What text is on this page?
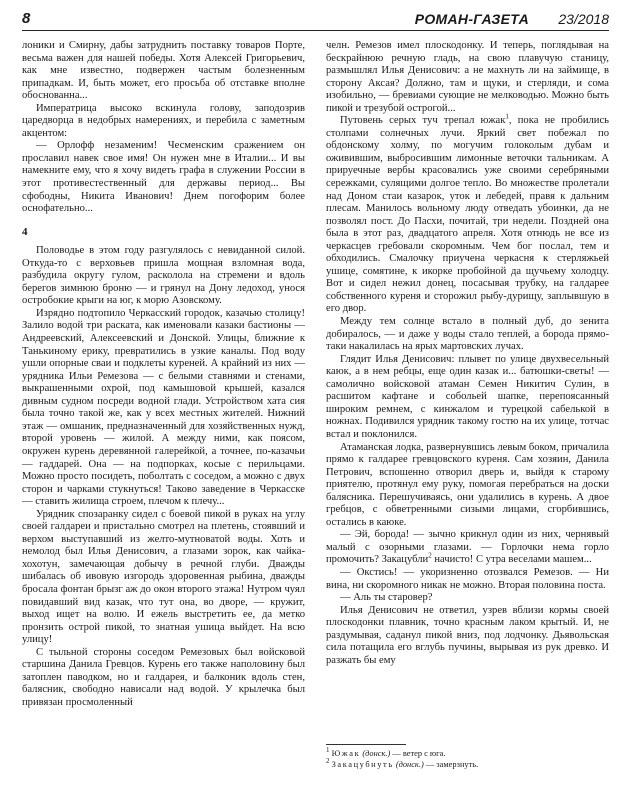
8	РОМАН-ГАЗЕТА 23/2018

лоники и Смирну, дабы затруднить поставку товаров Порте, весьма важен для нашей победы. Хотя Алексей Григорьевич, как мне известно, подвержен частым болезненным припадкам. И, быть может, его просьба об отставке вполне обоснованна...

Императрица высоко вскинула голову, заподозрив царедворца в недобрых намерениях, и перебила с заметным акцентом:

— Орлофф незаменим! Чесменским сражением он прославил навек свое имя! Он нужен мне в Италии... И вы намекните ему, что я хочу видеть графа в служении России в этот противестественный для державы период... Вы сфободны, Никита Иванович! Днем погофорим более оснофательно...

4

Половодье в этом году разгулялось с невиданной силой. Откуда-то с верховьев пришла мощная взломная вода, разбудила округу гулом, расколола на стремени и вдоль берегов зимнюю броню — и грянул на Дону ледоход, унося остробокие крыги на юг, к морю Азовскому.

Изрядно подтопило Черкасский городок, казачью столицу! Залило водой три раската, как именовали казаки бастионы — Андреевский, Алексеевский и Донской. Улицы, ближние к Танькиному ерику, превратились в узкие каналы. Под воду ушли опорные сваи и подклеты куреней. А крайний из них — урядника Ильи Ремезова — с белыми ставнями и стенами, выкрашенными охрой, под камышовой крышей, казался дивным судном посреди водной глади. Устройством хата сия была точно такой же, как у всех местных жителей. Нижний этаж — омшаник, предназначенный для хозяйственных нужд, второй уровень — жилой. А между ними, как поясом, окружен курень деревянной галерейкой, а точнее, по-казачьи — гаддарей. Она — на подпорках, косые с перильцами. Можно просто посидеть, поболтать с соседом, а можно с двух сторон и чарками стукнуться! Таково заведение в Черкасске — ставить жилища строем, плечом к плечу...

Урядник спозаранку сидел с боевой пикой в руках на углу своей галдареи и пристально смотрел на плетень, стоявший и верхом выступавший из желто-мутноватой воды. Хоть и немолод был Илья Денисович, а глазами зорок, как чайка-хохотун, замечающая добычу в речной глуби. Дважды шибалась об ивовую изгородь здоровенная рыбина, дважды бросала фонтан брызг аж до окон второго этажа! Нутром чуял повидавший вид казак, что тут она, во дворе, — кружит, выход ищет на волю. И ежель выстретить ее, да метко пронзить острой пикой, то знатная ушица выйдет. На всю улицу!

С тыльной стороны соседом Ремезовых был войсковой старшина Данила Гревцов. Курень его также наполовину был затоплен паводком, но и галдарея, и балконик вдоль стен, балясник, свободно нависали над водой. У крылечка был привязан просмоленный

челн. Ремезов имел плоскодонку. И теперь, поглядывая на бескрайнюю речную гладь, на свою плавучую станицу, размышлял Илья Денисович: а не махнуть ли на займище, в сторону Аксая? Должно, там и щуки, и стерляди, и сома изобильно, — бревиами сующие не мелководью. Можно быть пикой и трезубой острогой...

Путовень серых туч трепал южак$^1$, пока не пробились столпами солнечных лучи. Яркий свет побежал по обдонскому холму, по могучим голоколым дубам и оживившим, выбросившим лимонные веточки тальникам. А прируечные вербы красовались уже своими серебряными сережками, сулящими долгое тепло. Во множестве пролетали над Доном стаи казарок, уток и лебедей, правя к дальним плесам. Манилось вольному люду отведать убоинки, да не позволял пост. До Пасхи, почитай, три недели. Поздней она была в этот раз, двадцатого апреля. Хотя отнюдь не все из черкасцев гребовали скоромным. Чем бог послал, тем и обходились. Смалочку приучена черкасня к стерляжьей ушице, сомятине, к икорке пробойной да щучьему холодцу. Вот и сидел нежил донец, посасывая трубку, на галдарее собственного куреня и сторожил рыбу-дурищу, заплывшую в его двор.

Между тем солнце встало в полный дуб, до зенита добиралось, — и даже у воды стало теплей, а борода прямо-таки накалилась на ярых мартовских лучах.

Глядит Илья Денисович: плывет по улице двухвесельный каюк, а в нем ребцы, еще один казак и... батюшки-светы! — самолично войсковой атаман Семен Никитич Сулин, в расшитом кафтане и собольей шапке, перепоясанный широким ремнем, с кинжалом и турецкой сабелькой в ножнах. Подивился урядник такому гостю на их улице, тотчас встал и поклонился.

Атаманская лодка, развернувшись левым боком, причалила прямо к галдарее гревцовского куреня. Сам хозяин, Данила Петрович, вспошенно отворил дверь и, выйдя к старому приятелю, протянул ему руку, помогая перебраться на доски балясника. Перешучиваясь, они удалились в курень. А двое гребцов, с обветренными сизыми лицами, сгорбившись, остались в каюке.

— Эй, борода! — зычно крикнул один из них, чернявый малый с озорными глазами. — Горлочки нема горло промочить? Закацубли$^2$ начисто! С утра веселами машем...

— Окстись! — укоризненно отозвался Ремезов. — Ни вина, ни скоромного никак не можно. Вторая половина поста.

— Аль ты старовер?

Илья Денисович не ответил, узрев вблизи кормы своей плоскодонки плавник, точно красным лаком крытый. И, не раздумывая, саданул пикой вниз, под лодчонку. Дьявольская сила потащила его вглубь пучины, вырывая из рук древко. И разжать бы ему

$^1$ Южак (донск.) — ветер с юга.

$^2$ Закацубнуть (донск.) — замерзнуть.
